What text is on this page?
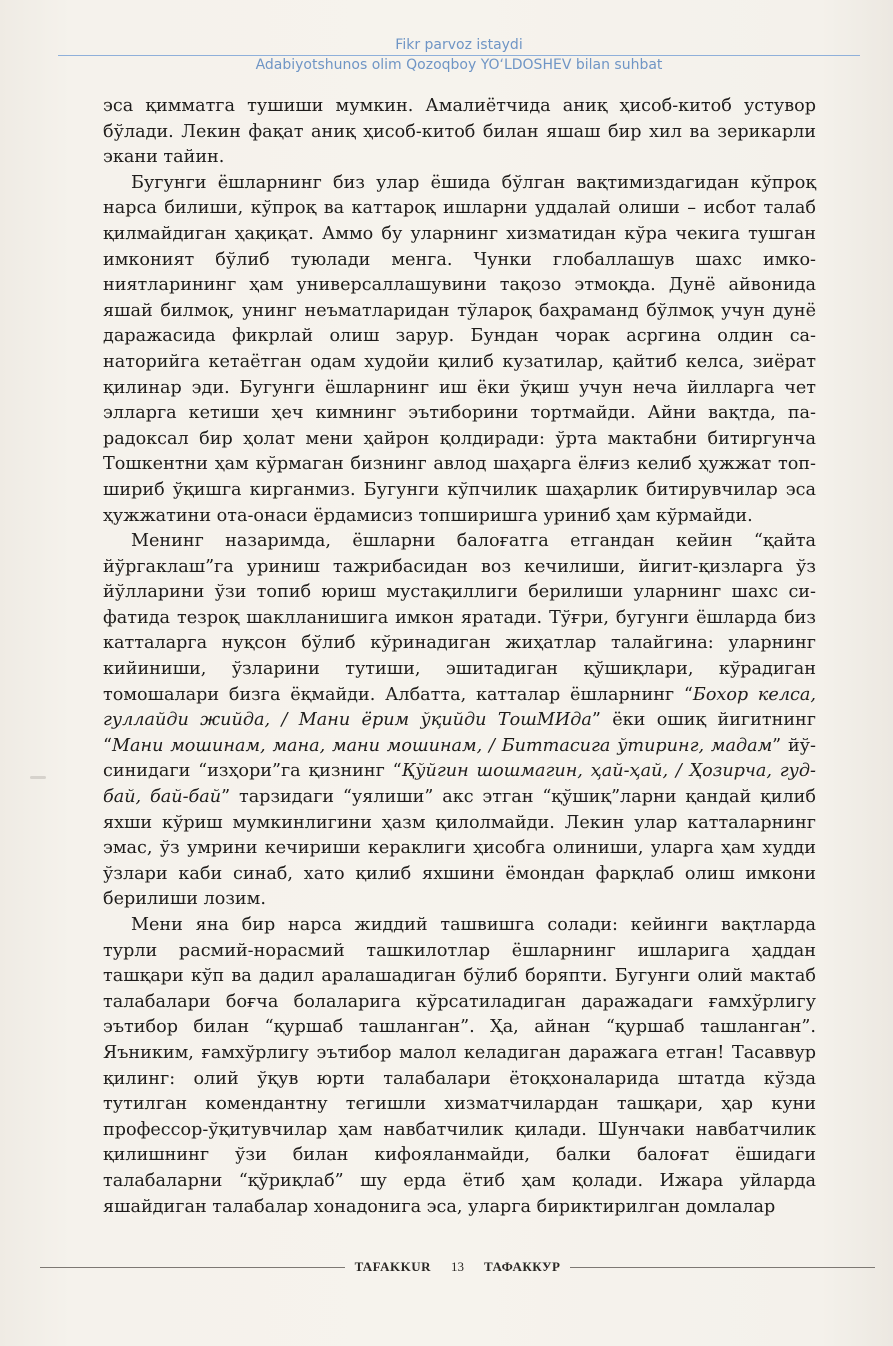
Fikr parvoz istaydi
Adabiyotshunos olim Qozoqboy YO‘LDOSHEV bilan suhbat

эса қимматга тушиши мумкин. Амалиётчида аниқ ҳисоб-китоб устувор бўлади. Лекин фақат аниқ ҳисоб-китоб билан яшаш бир хил ва зерикарли экани тайин.

Бугунги ёшларнинг биз улар ёшида бўлган вақтимиздагидан кўпроқ нарса билиши, кўпроқ ва каттароқ ишларни уддалай олиши – исбот талаб қилмайдиган ҳақиқат. Аммо бу уларнинг хизматидан кўра чекига тушган имконият бўлиб туюлади менга. Чунки глобаллашув шахс имкониятларининг ҳам универсаллашувини тақозо этмоқда. Дунё айвонида яшай билмоқ, унинг неъматларидан тўлароқ баҳраманд бўлмоқ учун дунё даражасида фикрлай олиш зарур. Бундан чорак асргина олдин санаторийга кетаётган одам худойи қилиб кузатилар, қайтиб келса, зиёрат қилинар эди. Бугунги ёшларнинг иш ёки ўқиш учун неча йилларга чет элларга кетиши ҳеч кимнинг эътиборини тортмайди. Айни вақтда, парадоксал бир ҳолат мени ҳайрон қолдиради: ўрта мактабни битиргунча Тошкентни ҳам кўрмаган бизнинг авлод шаҳарга ёлғиз келиб ҳужжат топшириб ўқишга кирганмиз. Бугунги кўпчилик шаҳарлик битирувчилар эса ҳужжатини ота-онаси ёрдамисиз топширишга уриниб ҳам кўрмайди.

Менинг назаримда, ёшларни балоғатга етгандан кейин “қайта йўргаклаш”га уриниш тажрибасидан воз кечилиши, йигит-қизларга ўз йўлларини ўзи топиб юриш мустақиллиги берилиши уларнинг шахс сифатида тезроқ шаклланишига имкон яратади. Тўғри, бугунги ёшларда биз катталарга нуқсон бўлиб кўринадиган жиҳатлар талайгина: уларнинг кийиниши, ўзларини тутиши, эшитадиган қўшиқлари, кўрадиган томошалари бизга ёқмайди. Албатта, катталар ёшларнинг “Бохор келса, гуллайди жийда, / Мани ёрим ўқийди ТошМИда” ёки ошиқ йигитнинг “Мани мошинам, мана, мани мошинам, / Биттасига ўтиринг, мадам” йўсинидаги “изҳори”га қизнинг “Қўйгин шошмагин, ҳай-ҳай, / Ҳозирча, гудбай, бай-бай” тарзидаги “уялиши” акс этган “қўшиқ”ларни қандай қилиб яхши кўриш мумкинлигини ҳазм қилолмайди. Лекин улар катталарнинг эмас, ўз умрини кечириши кераклиги ҳисобга олиниши, уларга ҳам худди ўзлари каби синаб, хато қилиб яхшини ёмондан фарқлаб олиш имкони берилиши лозим.

Мени яна бир нарса жиддий ташвишга солади: кейинги вақтларда турли расмий-норасмий ташкилотлар ёшларнинг ишларига ҳаддан ташқари кўп ва дадил аралашадиган бўлиб боряпти. Бугунги олий мактаб талабалари боғча болаларига кўрсатиладиган даражадаги ғамхўрлигу эътибор билан “қуршаб ташланган”. Ҳа, айнан “қуршаб ташланган”. Яъниким, ғамхўрлигу эътибор малол келадиган даражага етган! Тасаввур қилинг: олий ўқув юрти талабалари ётоқхоналарида штатда кўзда тутилган комендантну тегишли хизматчилардан ташқари, ҳар куни профессор-ўқитувчилар ҳам навбатчилик қилади. Шунчаки навбатчилик қилишнинг ўзи билан кифояланмайди, балки балоғат ёшидаги талабаларни “қўриқлаб” шу ерда ётиб ҳам қолади. Ижара уйларда яшайдиган талабалар хонадонига эса, уларга бириктирилган домлалар

TAFAKKUR	13	ТАФАККУР
